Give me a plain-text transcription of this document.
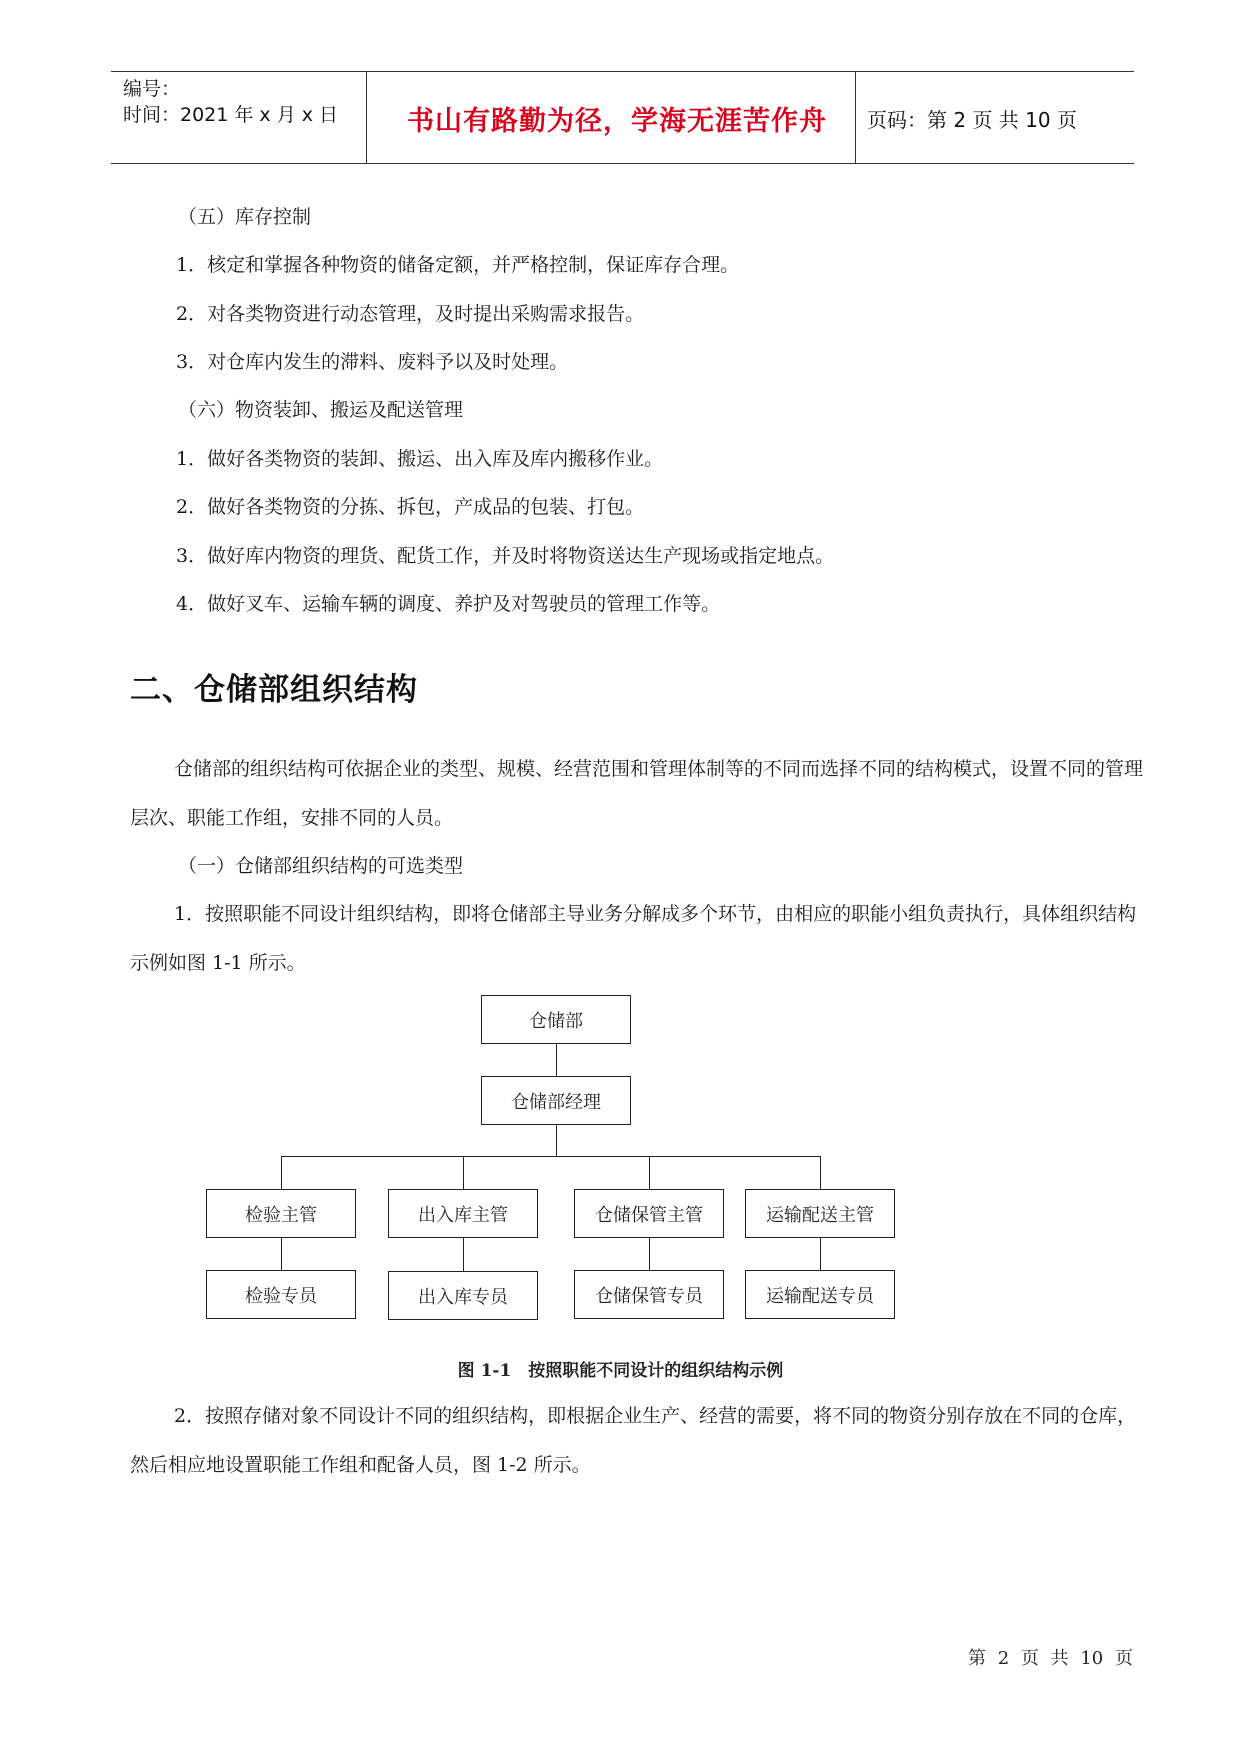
编号：
时间：2021 年 x 月 x 日	书山有路勤为径，学海无涯苦作舟	页码：第 2 页 共 10 页
（五）库存控制
1．核定和掌握各种物资的储备定额，并严格控制，保证库存合理。
2．对各类物资进行动态管理，及时提出采购需求报告。
3．对仓库内发生的滞料、废料予以及时处理。
（六）物资装卸、搬运及配送管理
1．做好各类物资的装卸、搬运、出入库及库内搬移作业。
2．做好各类物资的分拣、拆包，产成品的包装、打包。
3．做好库内物资的理货、配货工作，并及时将物资送达生产现场或指定地点。
4．做好叉车、运输车辆的调度、养护及对驾驶员的管理工作等。
二、仓储部组织结构
仓储部的组织结构可依据企业的类型、规模、经营范围和管理体制等的不同而选择不同的结构模式，设置不同的管理层次、职能工作组，安排不同的人员。
（一）仓储部组织结构的可选类型
1．按照职能不同设计组织结构，即将仓储部主导业务分解成多个环节，由相应的职能小组负责执行，具体组织结构示例如图 1-1 所示。
仓储部
仓储部经理
检验主管	出入库主管	仓储保管主管	运输配送主管
检验专员	出入库专员	仓储保管专员	运输配送专员
图 1-1　按照职能不同设计的组织结构示例
2．按照存储对象不同设计不同的组织结构，即根据企业生产、经营的需要，将不同的物资分别存放在不同的仓库，然后相应地设置职能工作组和配备人员，图 1-2 所示。
第 2 页 共 10 页
